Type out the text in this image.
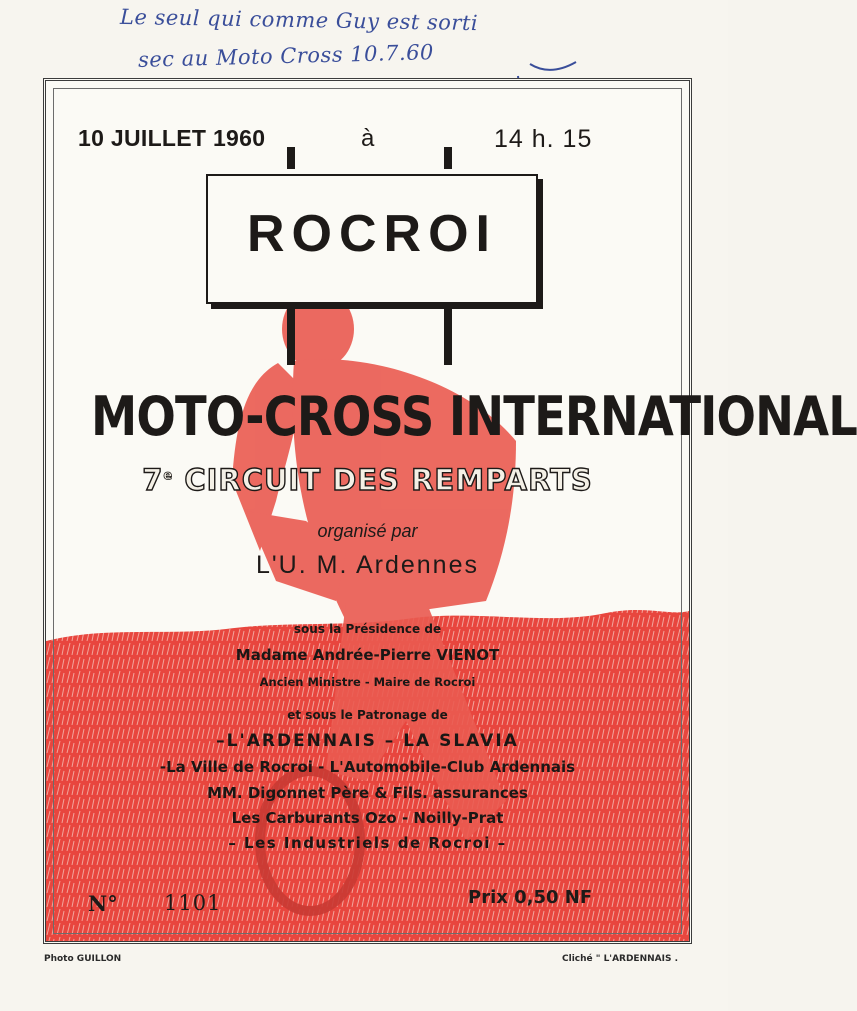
Le seul qui comme Guy est sorti
sec au Moto Cross 10.7.60
10 JUILLET 1960	à	14 h. 15
ROCROI
MOTO-CROSS INTERNATIONAL
7e CIRCUIT DES REMPARTS
organisé par
L'U. M. Ardennes
sous la Présidence de
Madame Andrée-Pierre VIENOT
Ancien Ministre - Maire de Rocroi
et sous le Patronage de
–L'ARDENNAIS – LA SLAVIA
-La Ville de Rocroi - L'Automobile-Club Ardennais
MM. Digonnet Père & Fils. assurances
Les Carburants Ozo - Noilly-Prat
– Les Industriels de Rocroi –
N° 1101	Prix 0,50 NF
Photo GUILLON	Cliché " L'ARDENNAIS .
